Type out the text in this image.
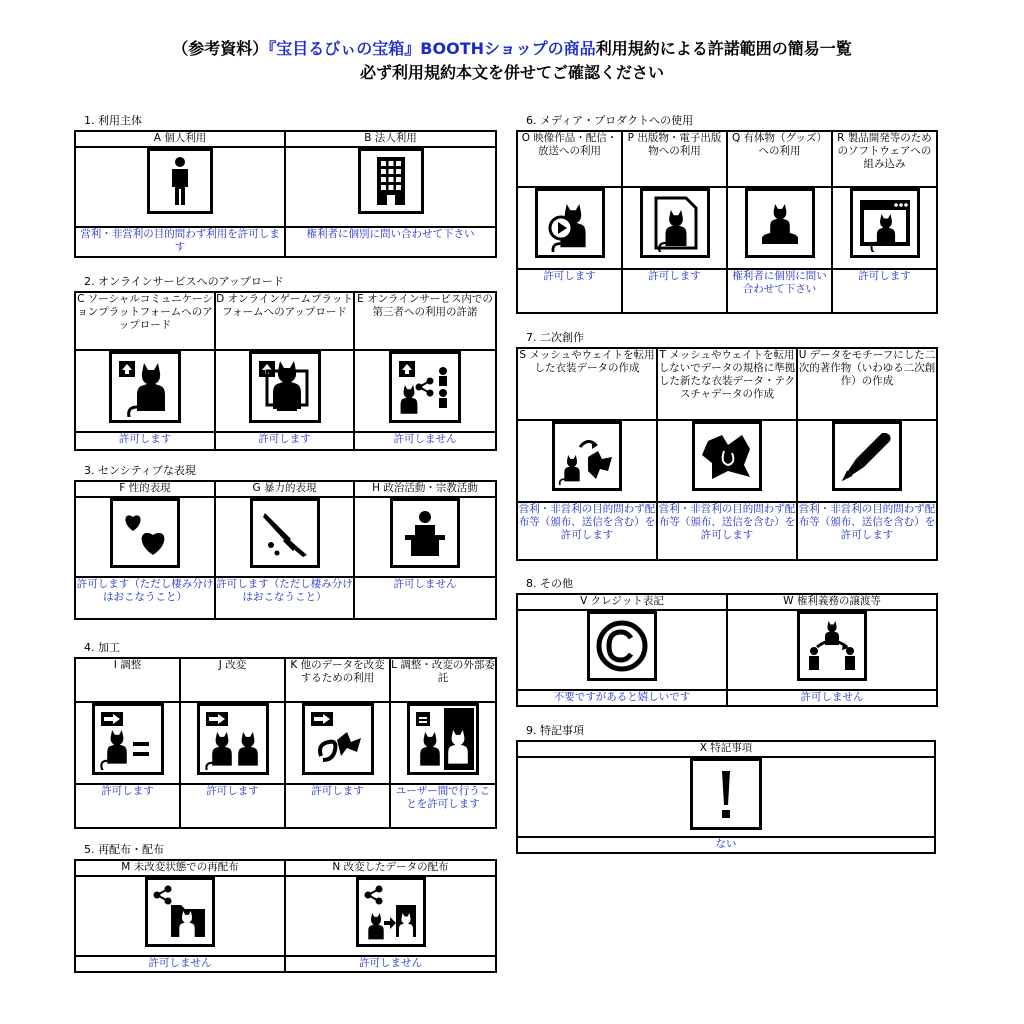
（参考資料）『宝目るびぃの宝箱』BOOTHショップの商品利用規約による許諾範囲の簡易一覧
必ず利用規約本文を併せてご確認ください
1. 利用主体
A 個人利用	B 法人利用

営利・非営利の目的問わず利用を許可します	権利者に個別に問い合わせて下さい
2. オンラインサービスへのアップロード
C ソーシャルコミュニケーションプラットフォームへのアップロード	D オンラインゲームプラットフォームへのアップロード	E オンラインサービス内での第三者への利用の許諾

許可します	許可します	許可しません
3. センシティブな表現
F 性的表現	G 暴力的表現	H 政治活動・宗教活動

許可します（ただし棲み分けはおこなうこと）	許可します（ただし棲み分けはおこなうこと）	許可しません
4. 加工
I 調整	J 改変	K 他のデータを改変するための利用	L 調整・改変の外部委託

許可します	許可します	許可します	ユーザー間で行うことを許可します
5. 再配布・配布
M 未改変状態での再配布	N 改変したデータの配布

許可しません	許可しません
6. メディア・プロダクトへの使用
O 映像作品・配信・放送への利用	P 出版物・電子出版物への利用	Q 有体物（グッズ）への利用	R 製品開発等のためのソフトウェアへの組み込み

許可します	許可します	権利者に個別に問い合わせて下さい	許可します
7. 二次創作
S メッシュやウェイトを転用した衣装データの作成	T メッシュやウェイトを転用しないでデータの規格に準拠した新たな衣装データ・テクスチャデータの作成	U データをモチーフにした二次的著作物（いわゆる二次創作）の作成

営利・非営利の目的問わず配布等（頒布、送信を含む）を許可します	営利・非営利の目的問わず配布等（頒布、送信を含む）を許可します	営利・非営利の目的問わず配布等（頒布、送信を含む）を許可します
8. その他
V クレジット表記	W 権利義務の譲渡等

不要ですがあると嬉しいです	許可しません
9. 特記事項
X 特記事項

ない
